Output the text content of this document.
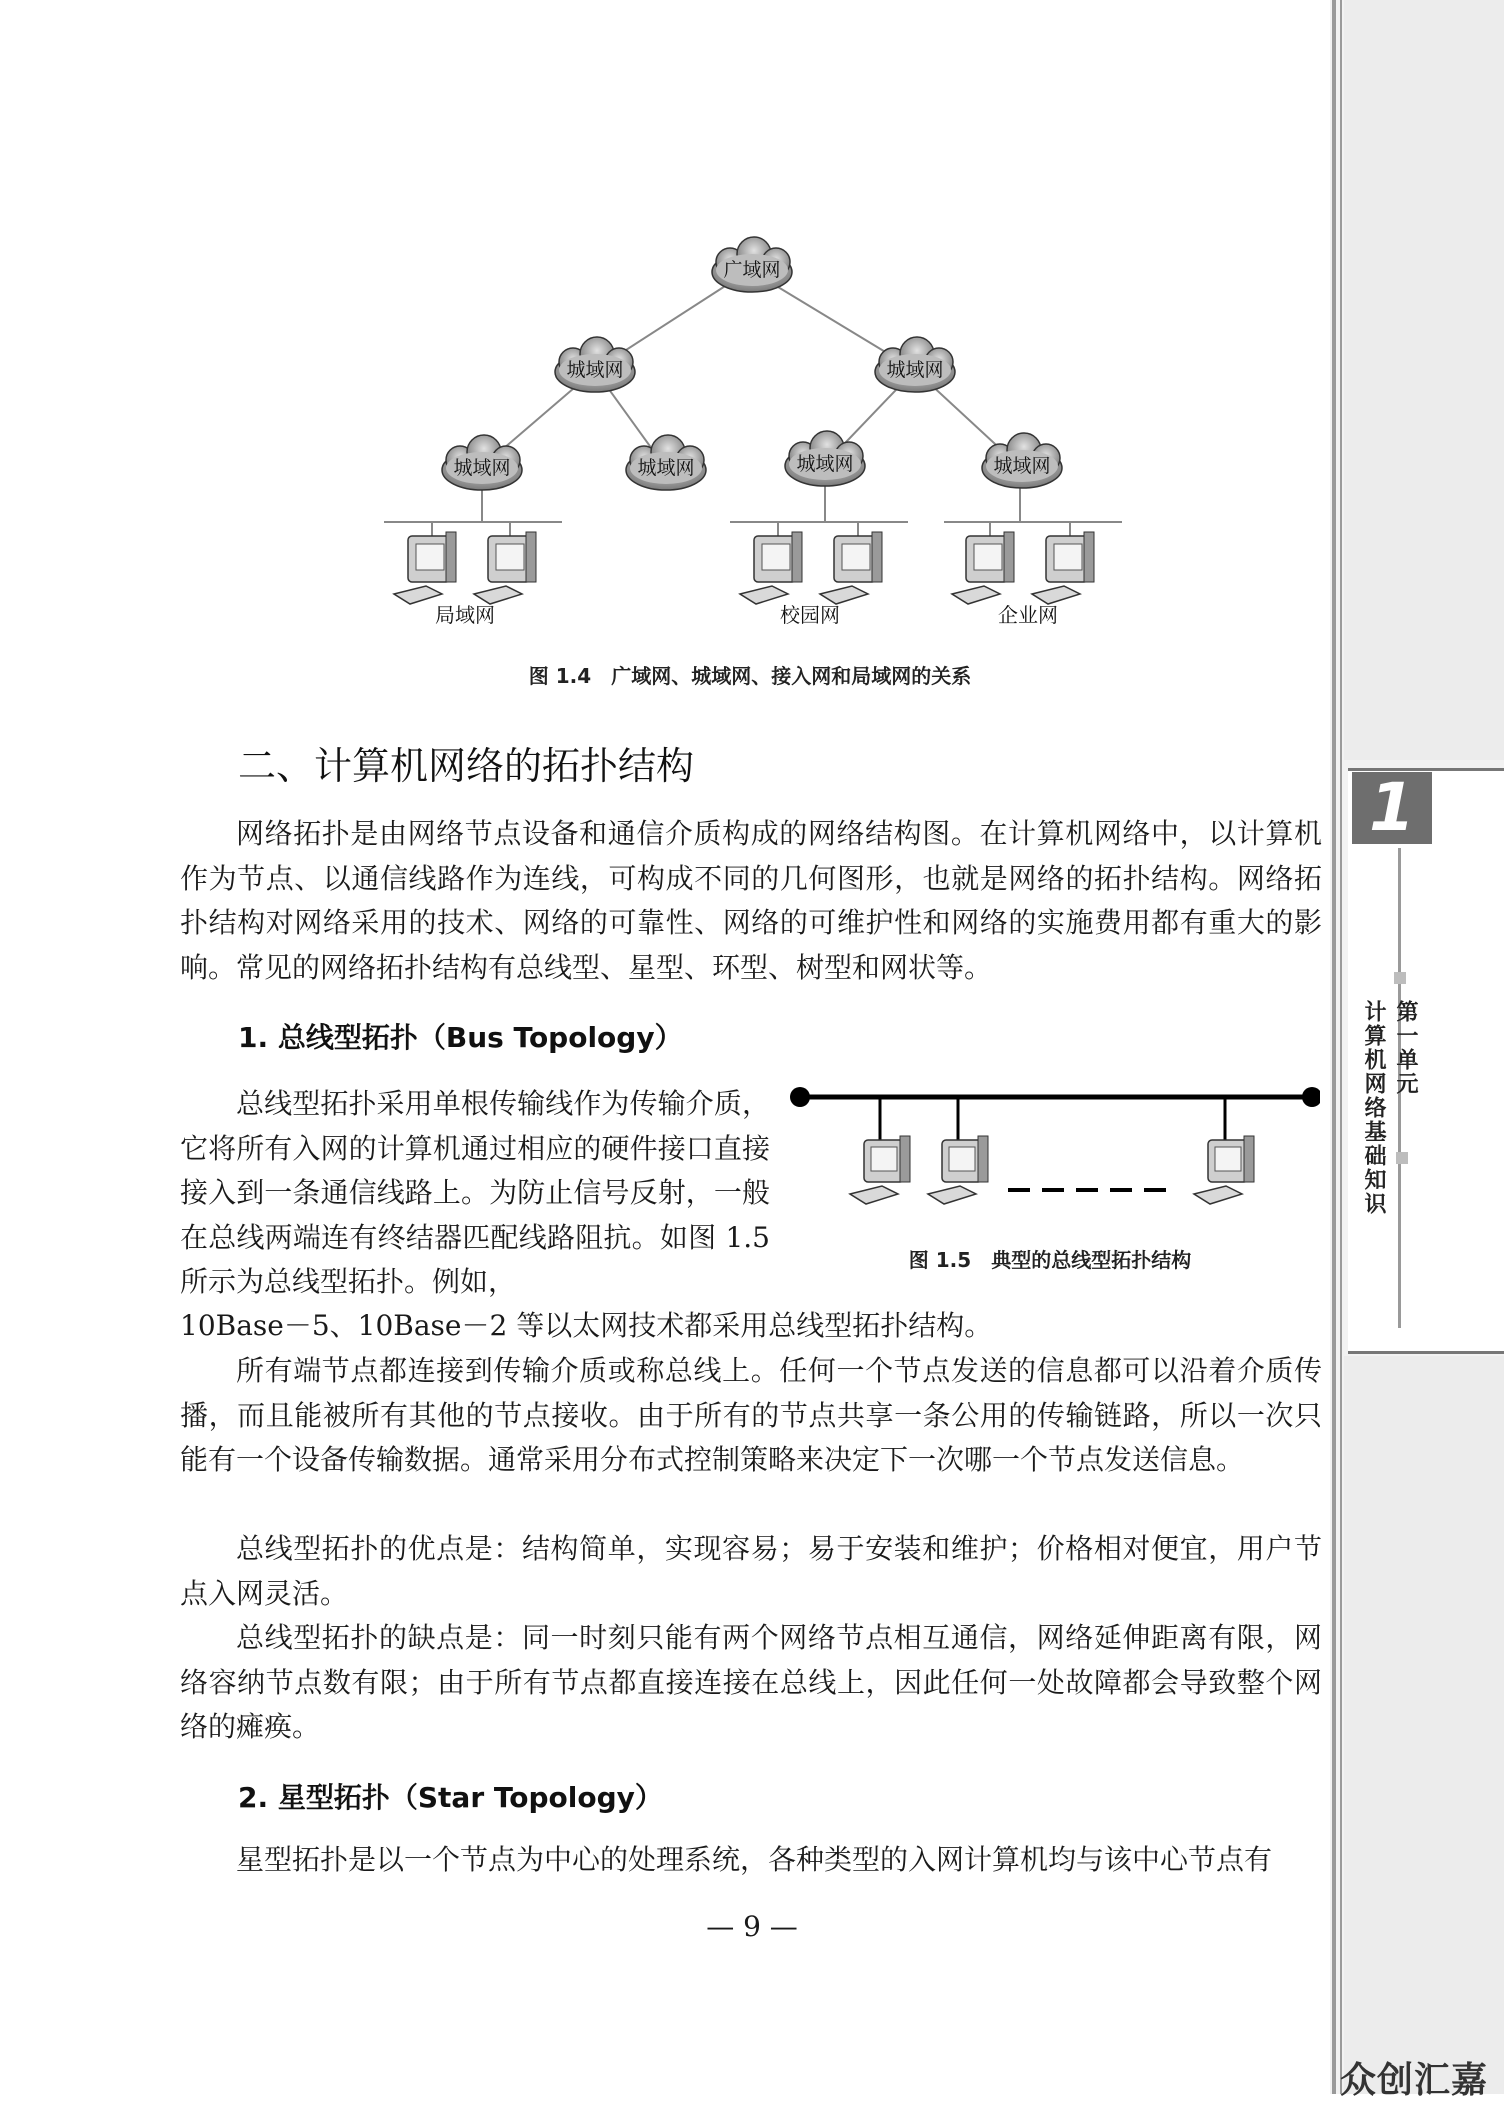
1
第一单元
计算机网络基础知识
广域网
城域网	城域网
城域网	城域网	城域网	城域网
局域网	校园网	企业网
图 1.4　广域网、城域网、接入网和局域网的关系
二、计算机网络的拓扑结构

网络拓扑是由网络节点设备和通信介质构成的网络结构图。在计算机网络中，以计算机作为节点、以通信线路作为连线，可构成不同的几何图形，也就是网络的拓扑结构。网络拓扑结构对网络采用的技术、网络的可靠性、网络的可维护性和网络的实施费用都有重大的影响。常见的网络拓扑结构有总线型、星型、环型、树型和网状等。

1. 总线型拓扑（Bus Topology）

总线型拓扑采用单根传输线作为传输介质，它将所有入网的计算机通过相应的硬件接口直接接入到一条通信线路上。为防止信号反射，一般在总线两端连有终结器匹配线路阻抗。如图 1.5 所示为总线型拓扑。例如，

图 1.5　典型的总线型拓扑结构

10Base－5、10Base－2 等以太网技术都采用总线型拓扑结构。

所有端节点都连接到传输介质或称总线上。任何一个节点发送的信息都可以沿着介质传播，而且能被所有其他的节点接收。由于所有的节点共享一条公用的传输链路，所以一次只能有一个设备传输数据。通常采用分布式控制策略来决定下一次哪一个节点发送信息。

总线型拓扑的优点是：结构简单，实现容易；易于安装和维护；价格相对便宜，用户节点入网灵活。

总线型拓扑的缺点是：同一时刻只能有两个网络节点相互通信，网络延伸距离有限，网络容纳节点数有限；由于所有节点都直接连接在总线上，因此任何一处故障都会导致整个网络的瘫痪。

2. 星型拓扑（Star Topology）

星型拓扑是以一个节点为中心的处理系统，各种类型的入网计算机均与该中心节点有

— 9 —
众创汇嘉
